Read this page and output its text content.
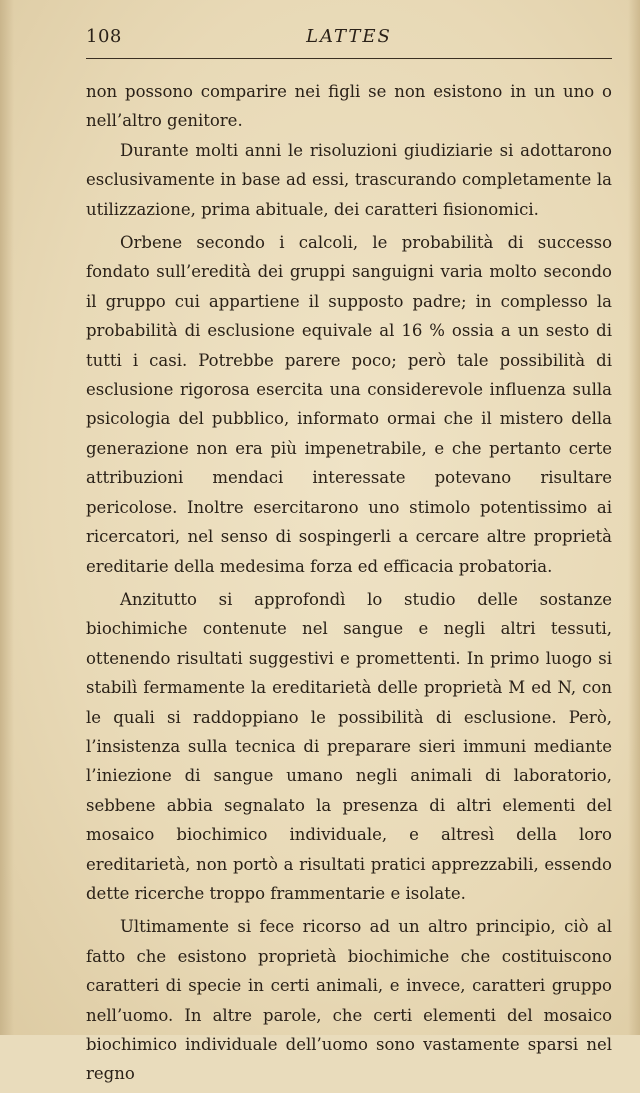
108	LATTES

non possono comparire nei figli se non esistono in un uno o nell’altro genitore.

Durante molti anni le risoluzioni giudiziarie si adottarono esclusivamente in base ad essi, trascurando completamente la utilizzazione, prima abituale, dei caratteri fisionomici.

Orbene secondo i calcoli, le probabilità di successo fondato sull’eredità dei gruppi sanguigni varia molto secondo il gruppo cui appartiene il supposto padre; in complesso la probabilità di esclusione equivale al 16 % ossia a un sesto di tutti i casi. Potrebbe parere poco; però tale possibilità di esclusione rigorosa esercita una considerevole influenza sulla psicologia del pubblico, informato ormai che il mistero della generazione non era più impenetrabile, e che pertanto certe attribuzioni mendaci interessate potevano risultare pericolose. Inoltre esercitarono uno stimolo potentissimo ai ricercatori, nel senso di sospingerli a cercare altre proprietà ereditarie della medesima forza ed efficacia probatoria.

Anzitutto si approfondì lo studio delle sostanze biochimiche contenute nel sangue e negli altri tessuti, ottenendo risultati suggestivi e promettenti. In primo luogo si stabilì fermamente la ereditarietà delle proprietà M ed N, con le quali si raddoppiano le possibilità di esclusione. Però, l’insistenza sulla tecnica di preparare sieri immuni mediante l’iniezione di sangue umano negli animali di laboratorio, sebbene abbia segnalato la presenza di altri elementi del mosaico biochimico individuale, e altresì della loro ereditarietà, non portò a risultati pratici apprezzabili, essendo dette ricerche troppo frammentarie e isolate.

Ultimamente si fece ricorso ad un altro principio, ciò al fatto che esistono proprietà biochimiche che costituiscono caratteri di specie in certi animali, e invece, caratteri gruppo nell’uomo. In altre parole, che certi elementi del mosaico biochimico individuale dell’uomo sono vastamente sparsi nel regno
